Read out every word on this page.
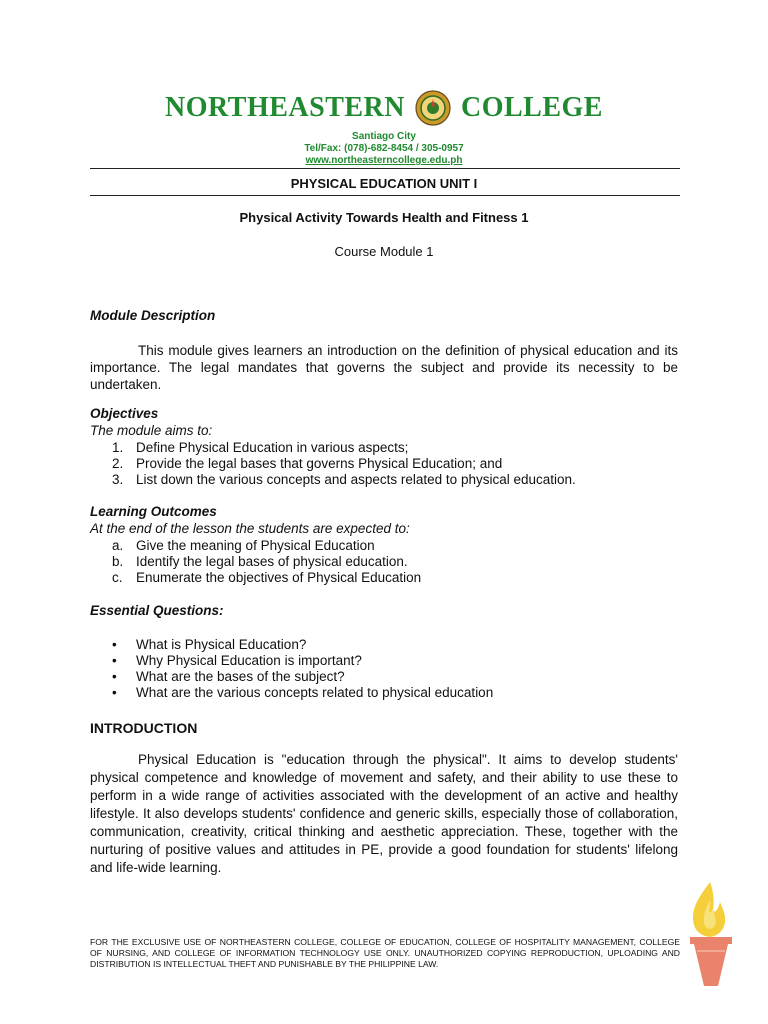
NORTHEASTERN COLLEGE
Santiago City
Tel/Fax: (078)-682-8454 / 305-0957
www.northeasterncollege.edu.ph
PHYSICAL EDUCATION UNIT I
Physical Activity Towards Health and Fitness 1
Course Module 1
Module Description

This module gives learners an introduction on the definition of physical education and its importance. The legal mandates that governs the subject and provide its necessity to be undertaken.

Objectives
The module aims to:
1. Define Physical Education in various aspects;
2. Provide the legal bases that governs Physical Education; and
3. List down the various concepts and aspects related to physical education.
Learning Outcomes
At the end of the lesson the students are expected to:
a. Give the meaning of Physical Education
b. Identify the legal bases of physical education.
c. Enumerate the objectives of Physical Education
Essential Questions:
• What is Physical Education?
• Why Physical Education is important?
• What are the bases of the subject?
• What are the various concepts related to physical education
INTRODUCTION

Physical Education is "education through the physical". It aims to develop students' physical competence and knowledge of movement and safety, and their ability to use these to perform in a wide range of activities associated with the development of an active and healthy lifestyle. It also develops students' confidence and generic skills, especially those of collaboration, communication, creativity, critical thinking and aesthetic appreciation. These, together with the nurturing of positive values and attitudes in PE, provide a good foundation for students' lifelong and life-wide learning.

FOR THE EXCLUSIVE USE OF NORTHEASTERN COLLEGE, COLLEGE OF EDUCATION, COLLEGE OF HOSPITALITY MANAGEMENT, COLLEGE OF NURSING, AND COLLEGE OF INFORMATION TECHNOLOGY USE ONLY. UNAUTHORIZED COPYING REPRODUCTION, UPLOADING AND DISTRIBUTION IS INTELLECTUAL THEFT AND PUNISHABLE BY THE PHILIPPINE LAW.
